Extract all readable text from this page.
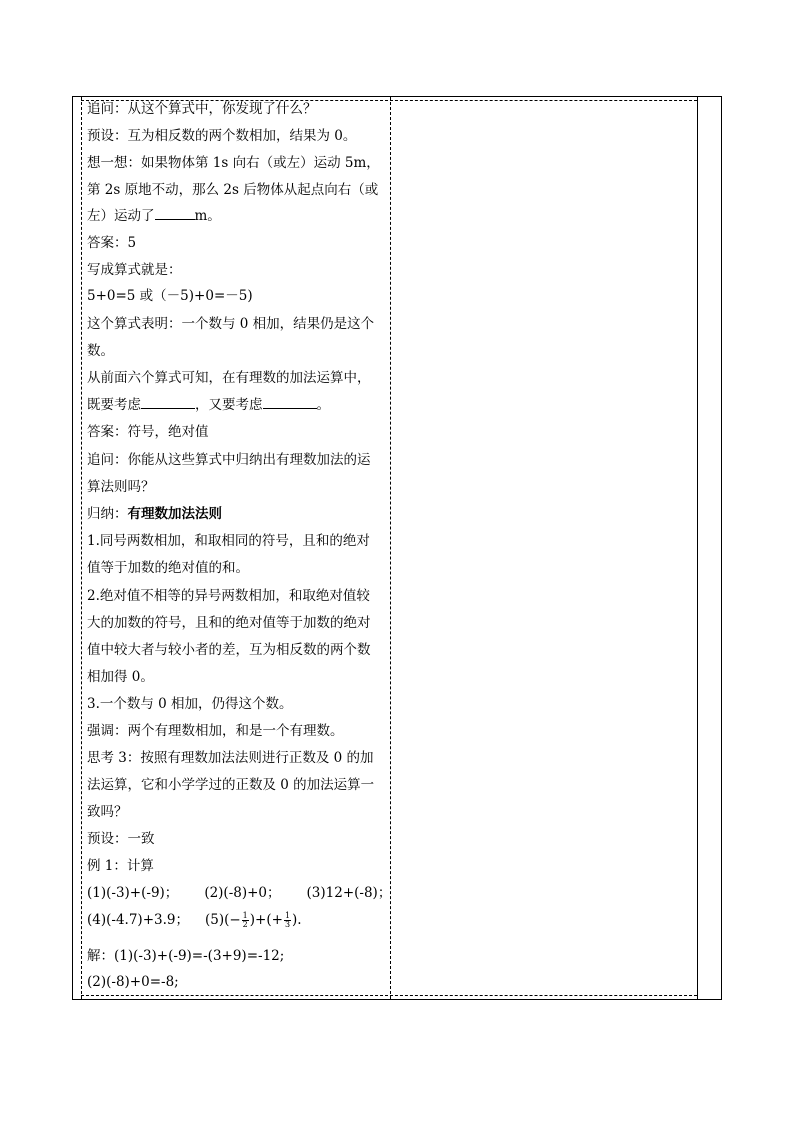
追问：从这个算式中，你发现了什么？
预设：互为相反数的两个数相加，结果为 0。
想一想：如果物体第 1s 向右（或左）运动 5m，
第 2s 原地不动，那么 2s 后物体从起点向右（或
左）运动了	m。
答案：5
写成算式就是：
5+0=5 或（－5)+0=－5)
这个算式表明：一个数与 0 相加，结果仍是这个
数。
从前面六个算式可知，在有理数的加法运算中，
既要考虑	，又要考虑	。
答案：符号，绝对值
追问：你能从这些算式中归纳出有理数加法的运
算法则吗？
归纳：有理数加法法则
1.同号两数相加，和取相同的符号，且和的绝对
值等于加数的绝对值的和。
2.绝对值不相等的异号两数相加，和取绝对值较
大的加数的符号，且和的绝对值等于加数的绝对
值中较大者与较小者的差，互为相反数的两个数
相加得 0。
3.一个数与 0 相加，仍得这个数。
强调：两个有理数相加，和是一个有理数。
思考 3：按照有理数加法法则进行正数及 0 的加
法运算，它和小学学过的正数及 0 的加法运算一
致吗？
预设：一致
例 1：计算
(1)(-3)+(-9)； (2)(-8)+0； (3)12+(-8)；
(4)(-4.7)+3.9； $(5)(- \frac{1}{2}$ )+(+ $\frac{1}{3}$ ).
解：(1)(-3)+(-9)=-(3+9)=-12;
(2)(-8)+0=-8;
